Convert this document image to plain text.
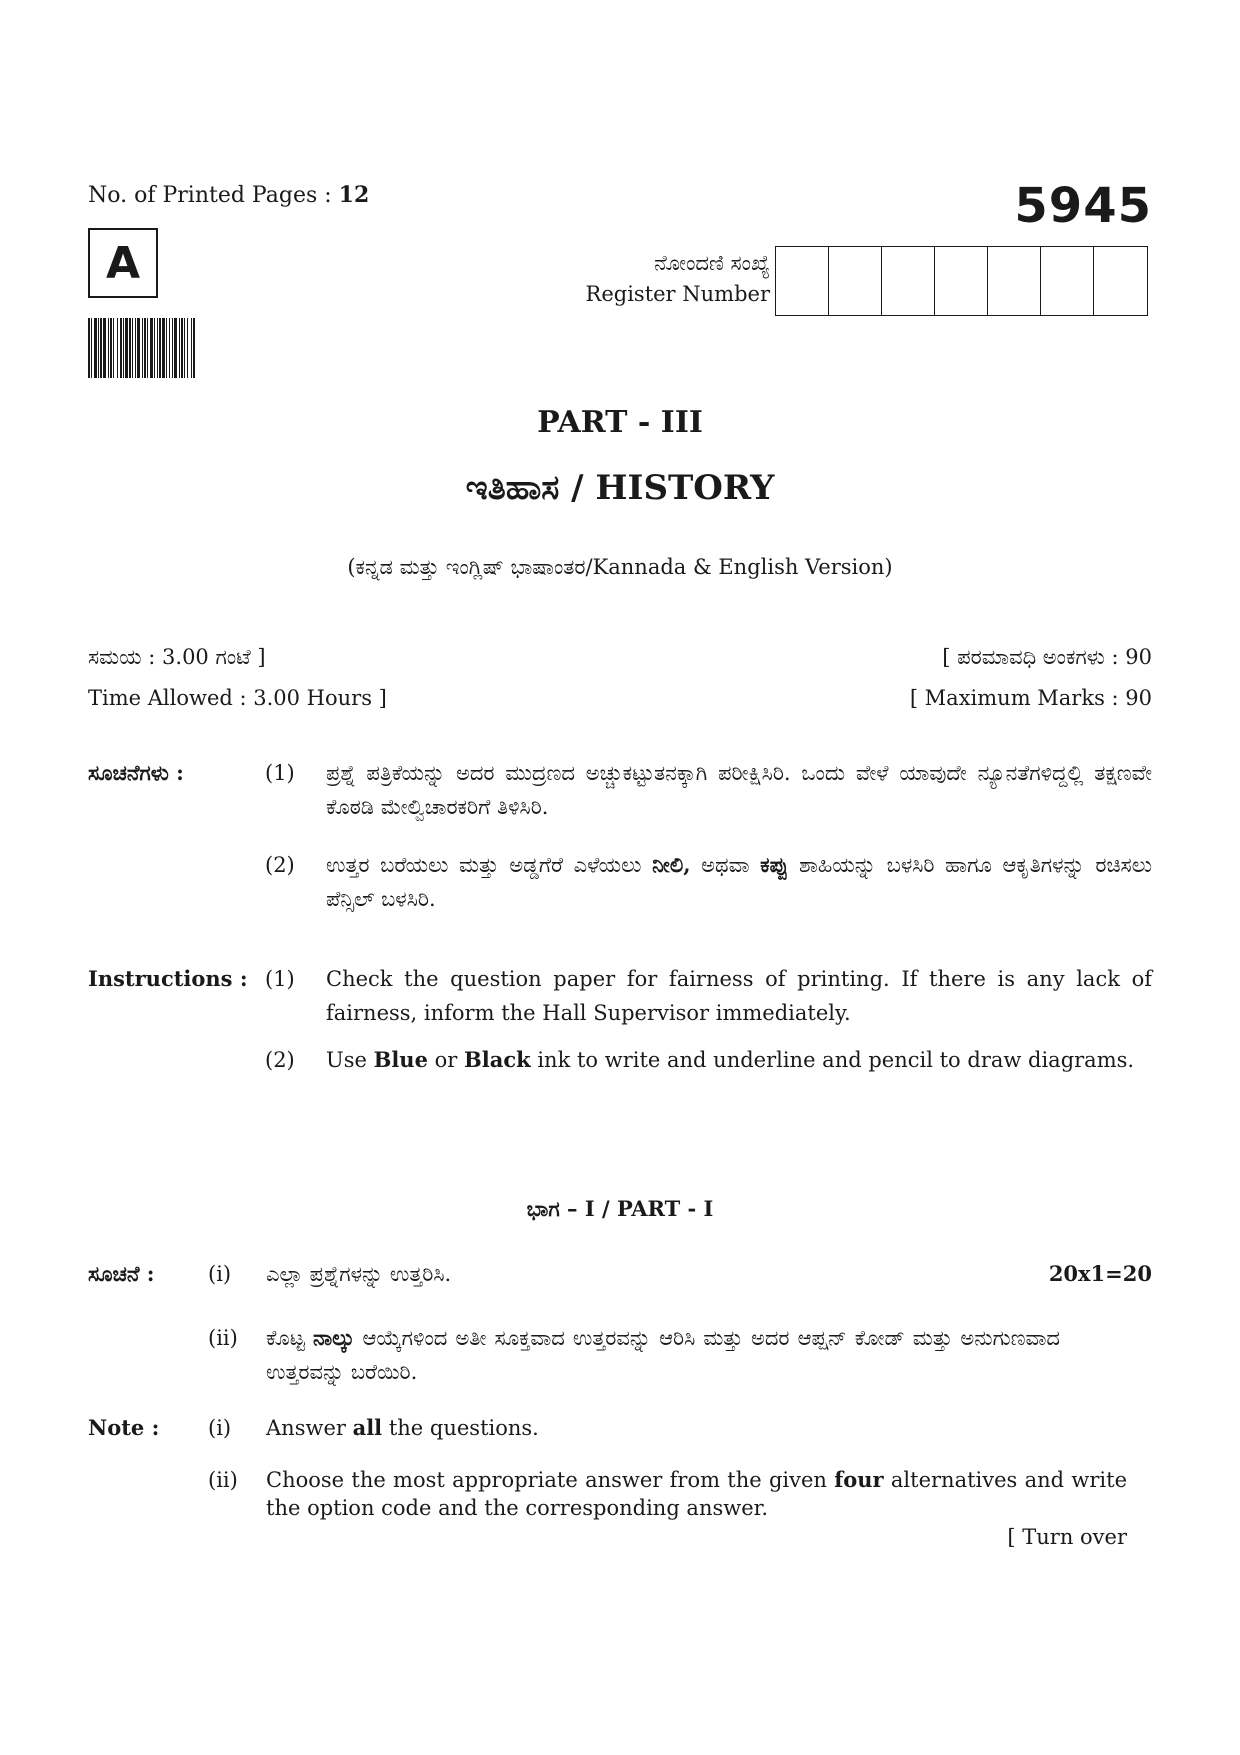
No. of Printed Pages : 12	5945
A	ನೋಂದಣಿ ಸಂಖ್ಯೆ
Register Number
PART - III
ಇತಿಹಾಸ / HISTORY
(ಕನ್ನಡ ಮತ್ತು ಇಂಗ್ಲಿಷ್ ಭಾಷಾಂತರ/Kannada & English Version)
ಸಮಯ : 3.00 ಗಂಟೆ ]	[ ಪರಮಾವಧಿ ಅಂಕಗಳು : 90
Time Allowed : 3.00 Hours ]	[ Maximum Marks : 90
ಸೂಚನೆಗಳು :	(1) ಪ್ರಶ್ನೆ ಪತ್ರಿಕೆಯನ್ನು ಅದರ ಮುದ್ರಣದ ಅಚ್ಚುಕಟ್ಟುತನಕ್ಕಾಗಿ ಪರೀಕ್ಷಿಸಿರಿ. ಒಂದು ವೇಳೆ ಯಾವುದೇ ನ್ಯೂನತೆಗಳಿದ್ದಲ್ಲಿ ತಕ್ಷಣವೇ ಕೊಠಡಿ ಮೇಲ್ವಿಚಾರಕರಿಗೆ ತಿಳಿಸಿರಿ.
(2) ಉತ್ತರ ಬರೆಯಲು ಮತ್ತು ಅಡ್ಡಗೆರೆ ಎಳೆಯಲು ನೀಲಿ, ಅಥವಾ ಕಪ್ಪು ಶಾಹಿಯನ್ನು ಬಳಸಿರಿ ಹಾಗೂ ಆಕೃತಿಗಳನ್ನು ರಚಿಸಲು ಪೆನ್ಸಿಲ್ ಬಳಸಿರಿ.
Instructions : (1) Check the question paper for fairness of printing. If there is any lack of fairness, inform the Hall Supervisor immediately.
(2) Use Blue or Black ink to write and underline and pencil to draw diagrams.
ಭಾಗ – I / PART - I
ಸೂಚನೆ :	(i) ಎಲ್ಲಾ ಪ್ರಶ್ನೆಗಳನ್ನು ಉತ್ತರಿಸಿ.	20x1=20
(ii) ಕೊಟ್ಟ ನಾಲ್ಕು ಆಯ್ಕೆಗಳಿಂದ ಅತೀ ಸೂಕ್ತವಾದ ಉತ್ತರವನ್ನು ಆರಿಸಿ ಮತ್ತು ಅದರ ಆಪ್ಷನ್ ಕೋಡ್ ಮತ್ತು ಅನುಗುಣವಾದ ಉತ್ತರವನ್ನು ಬರೆಯಿರಿ.
Note : (i) Answer all the questions.
(ii) Choose the most appropriate answer from the given four alternatives and write the option code and the corresponding answer.
[ Turn over
